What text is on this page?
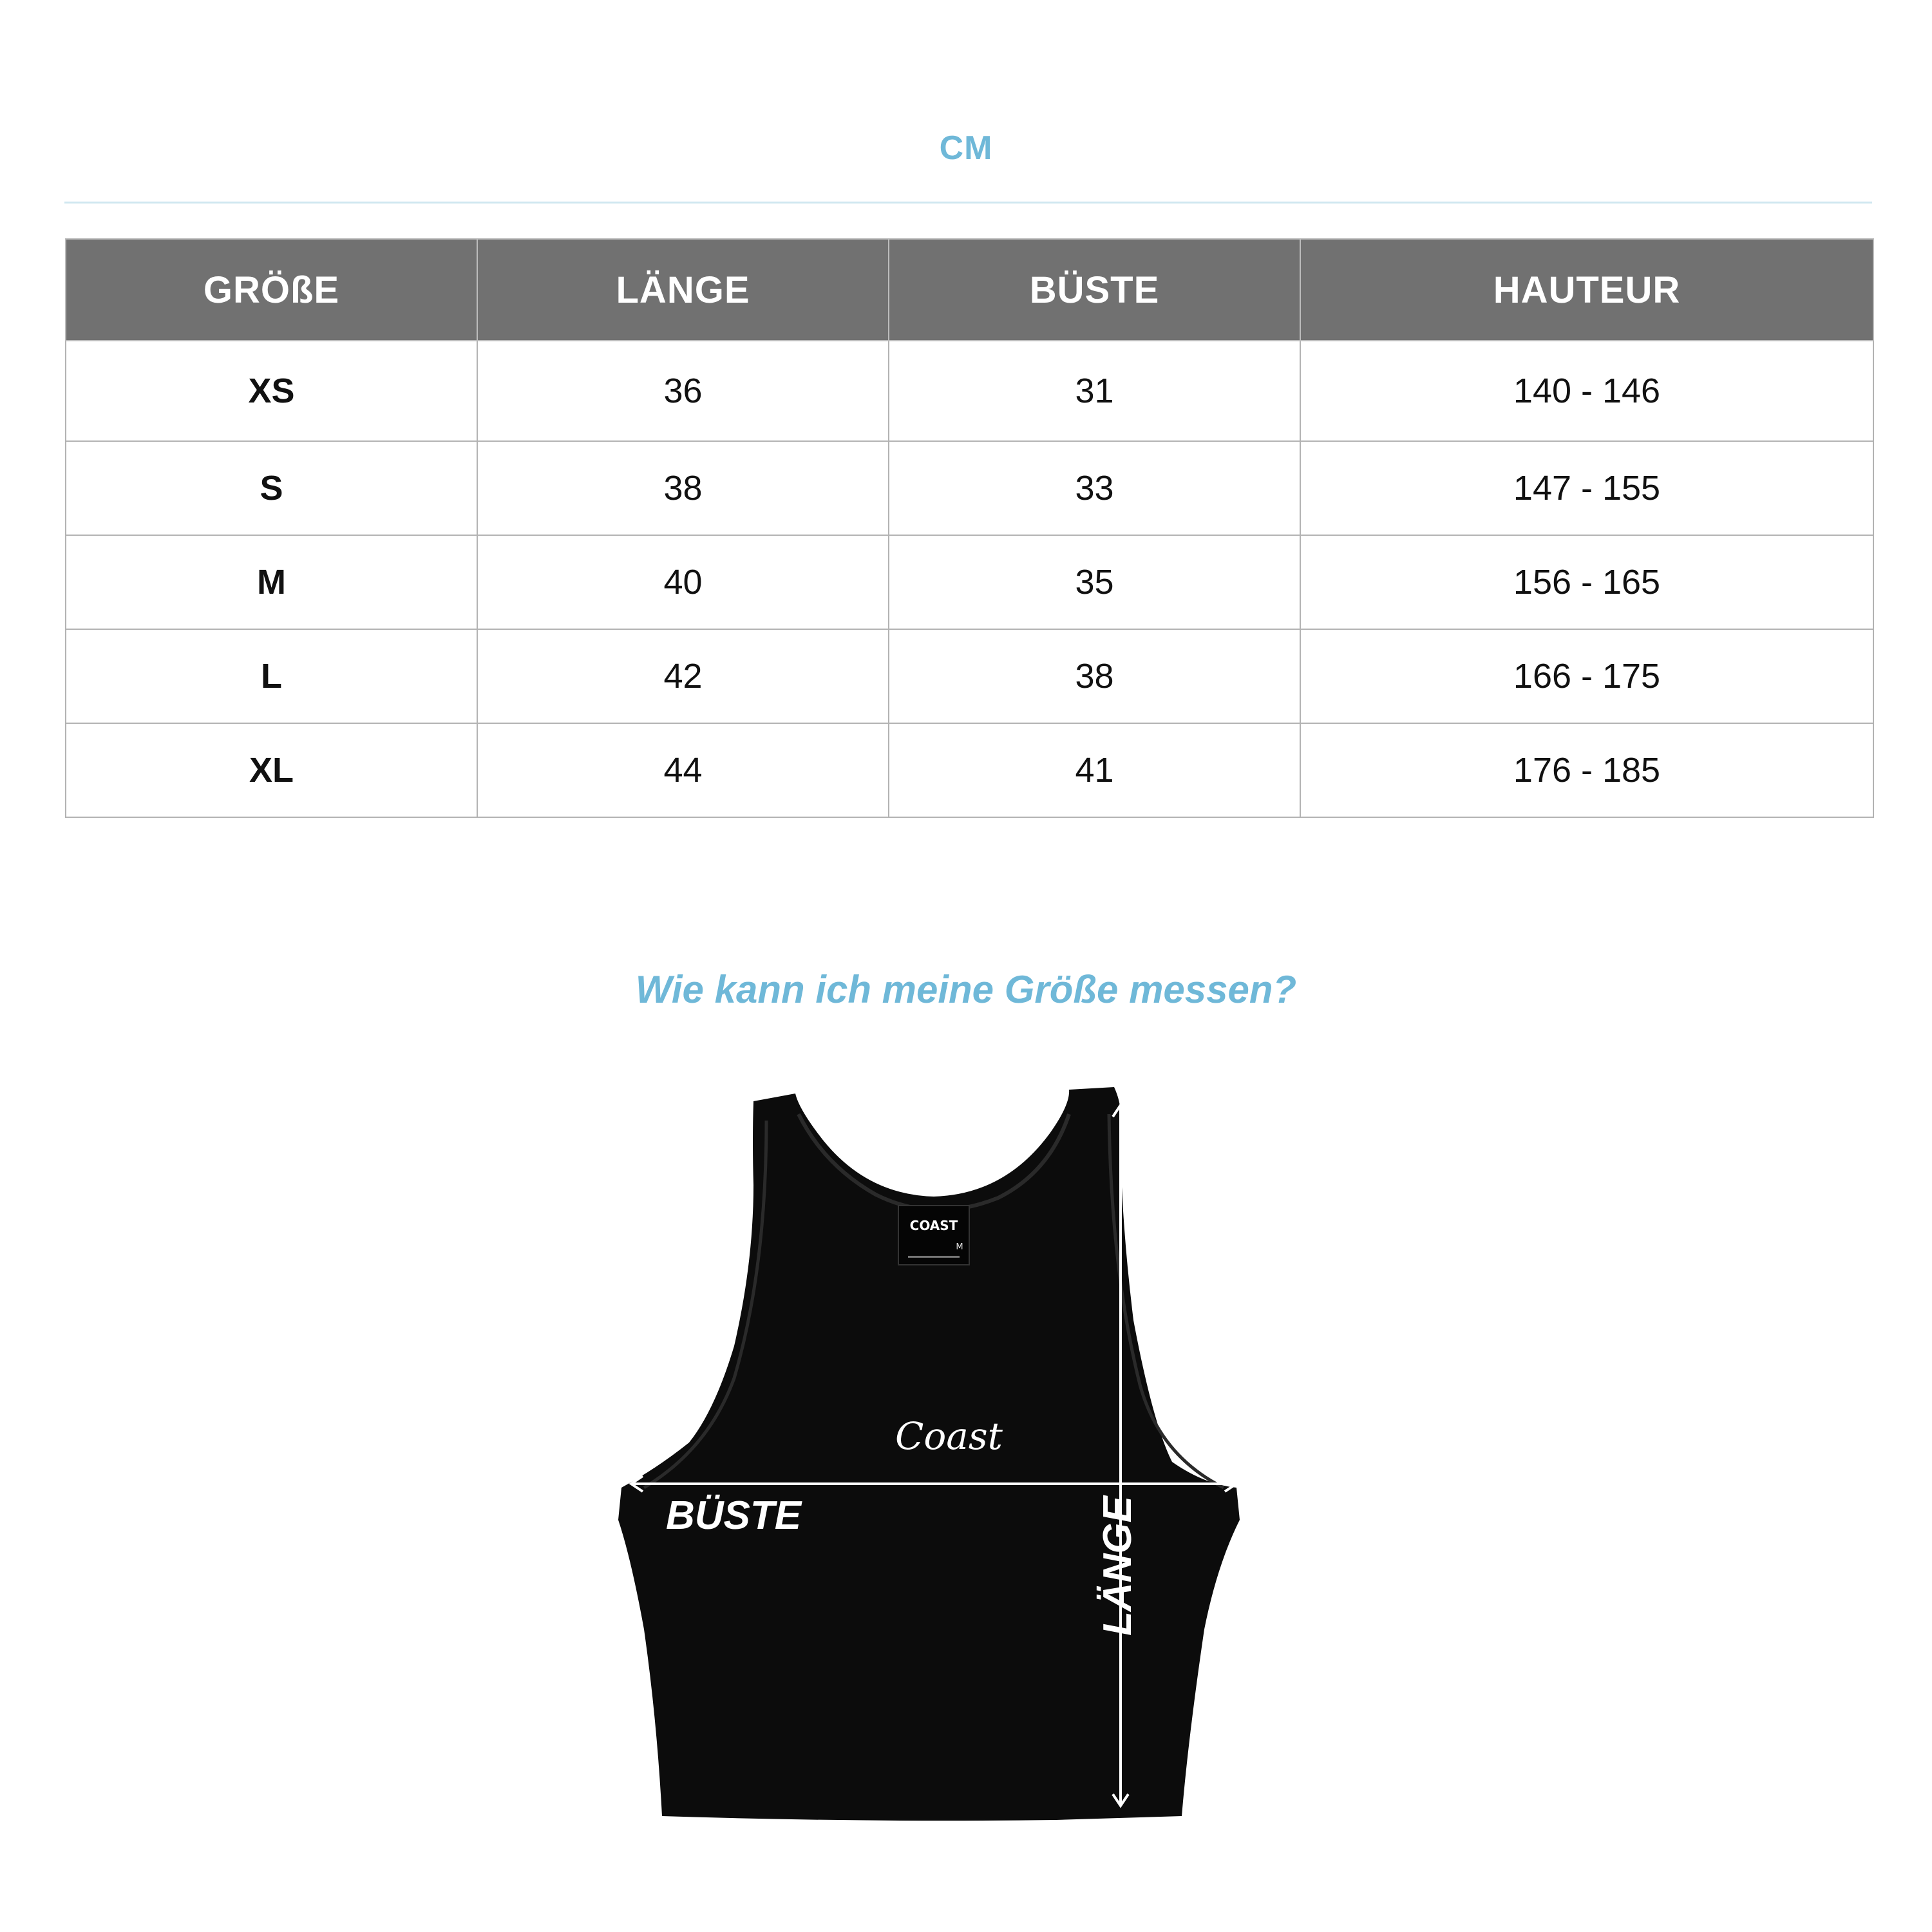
CM
GRÖßE	LÄNGE	BÜSTE	HAUTEUR
XS	36	31	140 - 146
S	38	33	147 - 155
M	40	35	156 - 165
L	42	38	166 - 175
XL	44	41	176 - 185
Wie kann ich meine Größe messen?
COAST
M
Coast
BÜSTE	LÄNGE
